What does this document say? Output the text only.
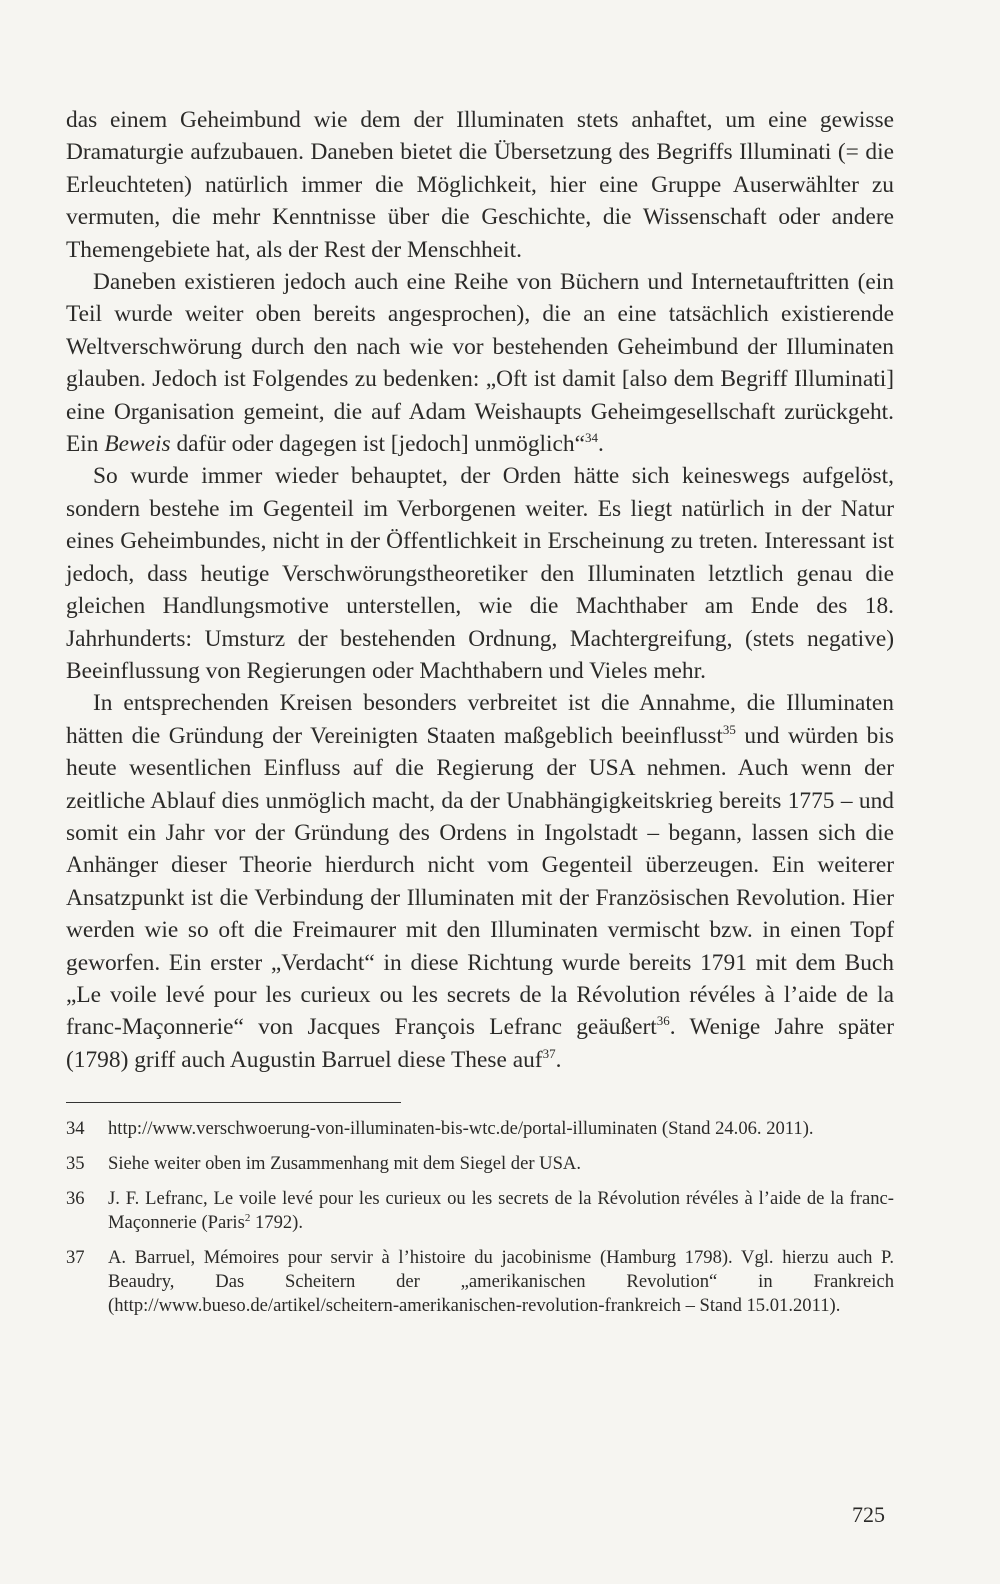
das einem Geheimbund wie dem der Illuminaten stets anhaftet, um eine gewisse Dramaturgie aufzubauen. Daneben bietet die Übersetzung des Begriffs Illuminati (= die Erleuchteten) natürlich immer die Möglichkeit, hier eine Gruppe Auserwählter zu vermuten, die mehr Kenntnisse über die Geschichte, die Wissenschaft oder andere Themengebiete hat, als der Rest der Menschheit.

Daneben existieren jedoch auch eine Reihe von Büchern und Internetauftritten (ein Teil wurde weiter oben bereits angesprochen), die an eine tatsächlich existierende Weltverschwörung durch den nach wie vor bestehenden Geheimbund der Illuminaten glauben. Jedoch ist Folgendes zu bedenken: „Oft ist damit [also dem Begriff Illuminati] eine Organisation gemeint, die auf Adam Weishaupts Geheimgesellschaft zurückgeht. Ein Beweis dafür oder dagegen ist [jedoch] unmöglich“$^{34}$.

So wurde immer wieder behauptet, der Orden hätte sich keineswegs aufgelöst, sondern bestehe im Gegenteil im Verborgenen weiter. Es liegt natürlich in der Natur eines Geheimbundes, nicht in der Öffentlichkeit in Erscheinung zu treten. Interessant ist jedoch, dass heutige Verschwörungstheoretiker den Illuminaten letztlich genau die gleichen Handlungsmotive unterstellen, wie die Machthaber am Ende des 18. Jahrhunderts: Umsturz der bestehenden Ordnung, Machtergreifung, (stets negative) Beeinflussung von Regierungen oder Machthabern und Vieles mehr.

In entsprechenden Kreisen besonders verbreitet ist die Annahme, die Illuminaten hätten die Gründung der Vereinigten Staaten maßgeblich beeinflusst$^{35}$ und würden bis heute wesentlichen Einfluss auf die Regierung der USA nehmen. Auch wenn der zeitliche Ablauf dies unmöglich macht, da der Unabhängigkeitskrieg bereits 1775 – und somit ein Jahr vor der Gründung des Ordens in Ingolstadt – begann, lassen sich die Anhänger dieser Theorie hierdurch nicht vom Gegenteil überzeugen. Ein weiterer Ansatzpunkt ist die Verbindung der Illuminaten mit der Französischen Revolution. Hier werden wie so oft die Freimaurer mit den Illuminaten vermischt bzw. in einen Topf geworfen. Ein erster „Verdacht“ in diese Richtung wurde bereits 1791 mit dem Buch „Le voile levé pour les curieux ou les secrets de la Révolution révéles à l’aide de la franc-Maçonnerie“ von Jacques François Lefranc geäußert$^{36}$. Wenige Jahre später (1798) griff auch Augustin Barruel diese These auf$^{37}$.

34	http://www.verschwoerung-von-illuminaten-bis-wtc.de/portal-illuminaten (Stand 24.06. 2011).
35	Siehe weiter oben im Zusammenhang mit dem Siegel der USA.
36	J. F. Lefranc, Le voile levé pour les curieux ou les secrets de la Révolution révéles à l’aide de la franc-Maçonnerie (Paris$^2$ 1792).
37	A. Barruel, Mémoires pour servir à l’histoire du jacobinisme (Hamburg 1798). Vgl. hierzu auch P. Beaudry, Das Scheitern der „amerikanischen Revolution“ in Frankreich (http://www.bueso.de/artikel/scheitern-amerikanischen-revolution-frankreich – Stand 15.01.2011).
725
